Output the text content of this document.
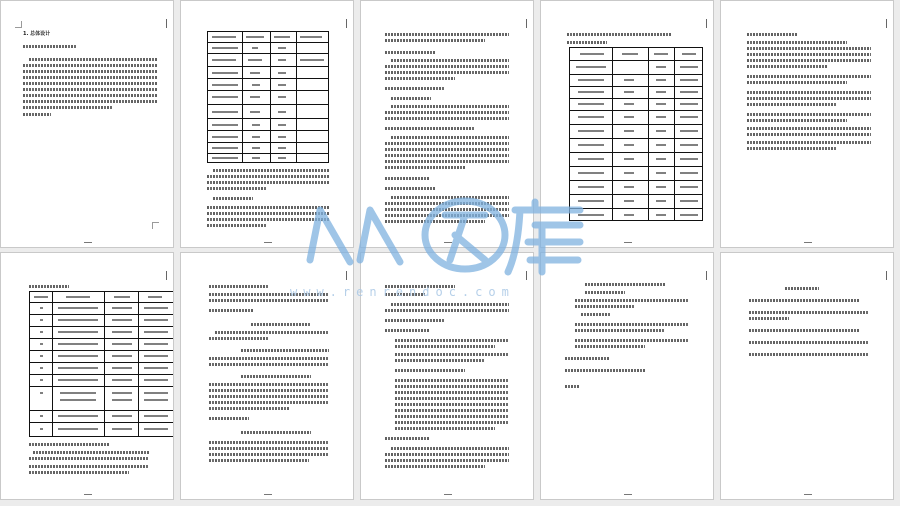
1. 总体设计
www.renrendoc.com
